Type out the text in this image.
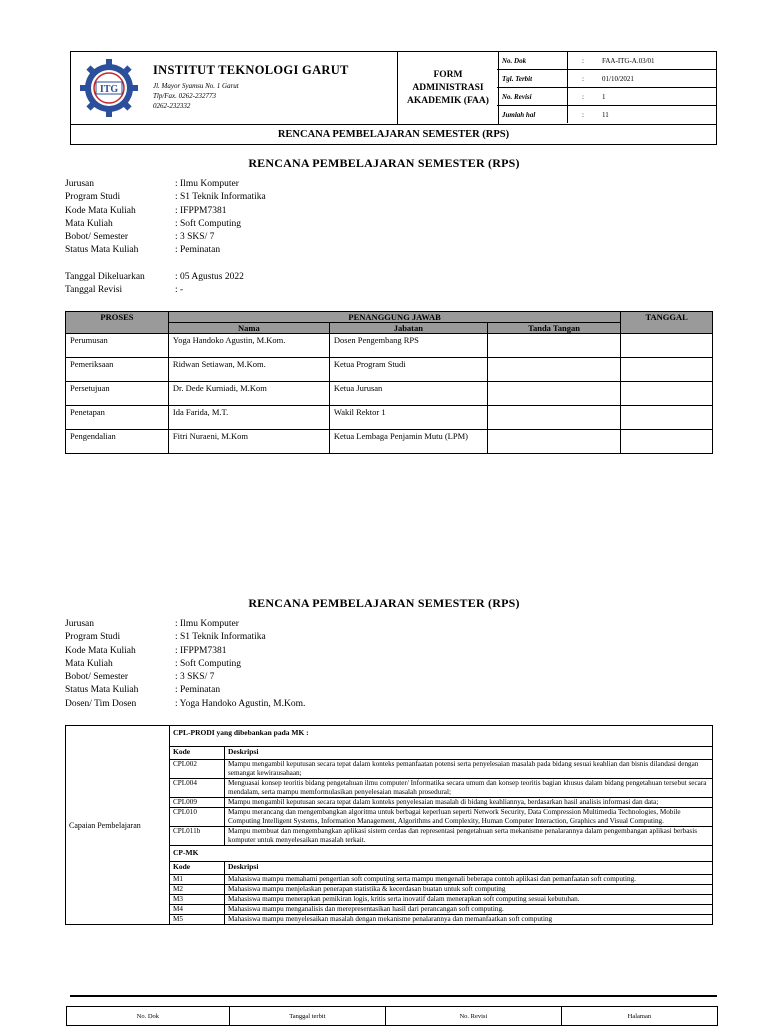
ITG
INSTITUT TEKNOLOGI GARUT
Jl. Mayor Syamsu No. 1 Garut
Tlp/Fax. 0262-232773
0262-232332
FORM
ADMINISTRASI
AKADEMIK (FAA)
No. Dok	:	FAA-ITG-A.03/01
Tgl. Terbit	:	01/10/2021
No. Revisi	:	1
Jumlah hal	:	11
RENCANA PEMBELAJARAN SEMESTER (RPS)
RENCANA PEMBELAJARAN SEMESTER (RPS)
Jurusan	: Ilmu Komputer
Program Studi	: S1 Teknik Informatika
Kode Mata Kuliah	: IFPPM7381
Mata Kuliah	: Soft Computing
Bobot/ Semester	: 3 SKS/ 7
Status Mata Kuliah	: Peminatan
Tanggal Dikeluarkan	: 05 Agustus 2022
Tanggal Revisi	: -
PROSES	PENANGGUNG JAWAB			TANGGAL
	Nama	Jabatan	Tanda Tangan	
Perumusan	Yoga Handoko Agustin, M.Kom.	Dosen Pengembang RPS		
Pemeriksaan	Ridwan Setiawan, M.Kom.	Ketua Program Studi		
Persetujuan	Dr. Dede Kurniadi, M.Kom	Ketua Jurusan		
Penetapan	Ida Farida, M.T.	Wakil Rektor 1		
Pengendalian	Fitri Nuraeni, M.Kom	Ketua Lembaga Penjamin Mutu (LPM)		
RENCANA PEMBELAJARAN SEMESTER (RPS)
Jurusan	: Ilmu Komputer
Program Studi	: S1 Teknik Informatika
Kode Mata Kuliah	: IFPPM7381
Mata Kuliah	: Soft Computing
Bobot/ Semester	: 3 SKS/ 7
Status Mata Kuliah	: Peminatan
Dosen/ Tim Dosen	: Yoga Handoko Agustin, M.Kom.
Capaian Pembelajaran	CPL-PRODI yang dibebankan pada MK :	
	Kode	Deskripsi
	CPL002	Mampu mengambil keputusan secara tepat dalam konteks pemanfaatan potensi serta penyelesaian masalah pada bidang sesuai keahlian dan bisnis dilandasi dengan semangat kewirausahaan;
	CPL004	Menguasai konsep teoritis bidang pengetahuan ilmu computer/ Informatika secara umum dan konsep teoritis bagian khusus dalam bidang pengetahuan tersebut secara mendalam, serta mampu memformulasikan penyelesaian masalah prosedural;
	CPL009	Mampu mengambil keputusan secara tepat dalam konteks penyelesaian masalah di bidang keahliannya, berdasarkan hasil analisis informasi dan data;
	CPL010	Mampu merancang dan mengembangkan algoritma untuk berbagai keperluan seperti Network Security, Data Compression Multimedia Technologies, Mobile Computing Intelligent Systems, Information Management, Algorithms and Complexity, Human Computer Interaction, Graphics and Visual Computing.
	CPL011b	Mampu membuat dan mengembangkan aplikasi sistem cerdas dan representasi pengetahuan serta mekanisme penalarannya dalam pengembangan aplikasi berbasis komputer untuk menyelesaikan masalah terkait.
	CP-MK	
	Kode	Deskripsi
	M1	Mahasiswa mampu memahami pengertian soft computing serta mampu mengenali beberapa contoh aplikasi dan pemanfaatan soft computing.
	M2	Mahasiswa mampu menjelaskan penerapan statistika & kecerdasan buatan untuk soft computing
	M3	Mahasiswa mampu menerapkan pemikiran logis, kritis serta inovatif dalam menerapkan soft computing sesuai kebutuhan.
	M4	Mahasiswa mampu menganalisis dan merepresentasikan hasil dari perancangan soft computing.
	M5	Mahasiswa mampu menyelesaikan masalah dengan mekanisme penalarannya dan memanfaatkan soft computing
No. Dok	Tanggal terbit	No. Revisi	Halaman
